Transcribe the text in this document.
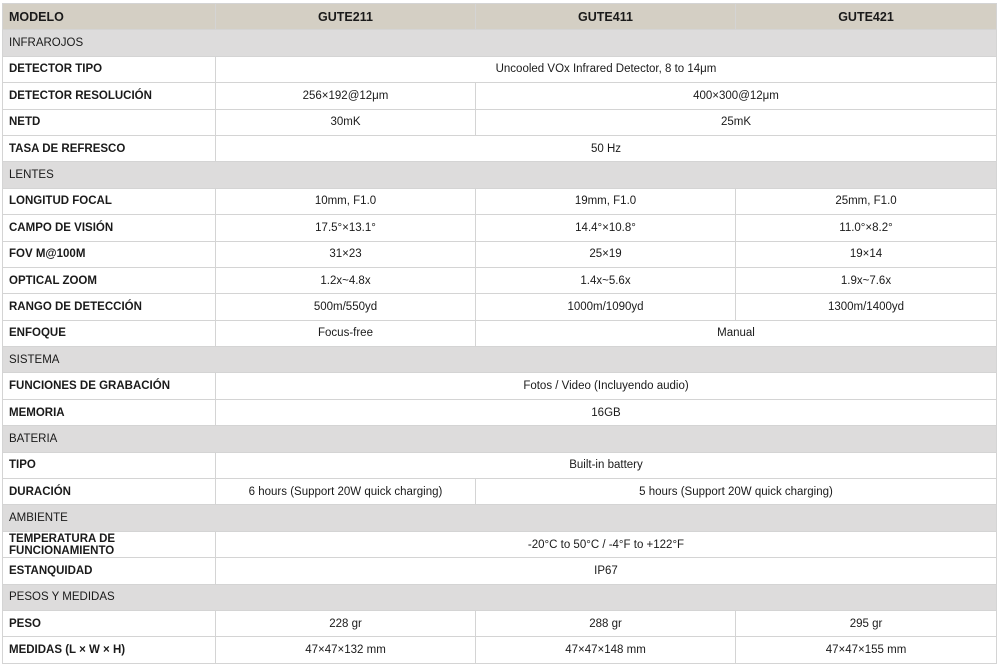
MODELO	GUTE211	GUTE411	GUTE421
INFRAROJOS			
DETECTOR TIPO	Uncooled VOx Infrared Detector, 8 to 14μm		
DETECTOR RESOLUCIÓN	256×192@12μm	400×300@12μm	
NETD	30mK	25mK	
TASA DE REFRESCO	50 Hz		
LENTES			
LONGITUD FOCAL	10mm, F1.0	19mm, F1.0	25mm, F1.0
CAMPO DE VISIÓN	17.5°×13.1°	14.4°×10.8°	11.0°×8.2°
FOV M@100M	31×23	25×19	19×14
OPTICAL ZOOM	1.2x~4.8x	1.4x~5.6x	1.9x~7.6x
RANGO DE DETECCIÓN	500m/550yd	1000m/1090yd	1300m/1400yd
ENFOQUE	Focus-free	Manual	
SISTEMA			
FUNCIONES DE GRABACIÓN	Fotos / Video (Incluyendo audio)		
MEMORIA	16GB		
BATERIA			
TIPO	Built-in battery		
DURACIÓN	6 hours (Support 20W quick charging)	5 hours (Support 20W quick charging)	
AMBIENTE			
TEMPERATURA DE FUNCIONAMIENTO	-20°C to 50°C / -4°F to +122°F		
ESTANQUIDAD	IP67		
PESOS Y MEDIDAS			
PESO	228 gr	288 gr	295 gr
MEDIDAS (L × W × H)	47×47×132 mm	47×47×148 mm	47×47×155 mm
